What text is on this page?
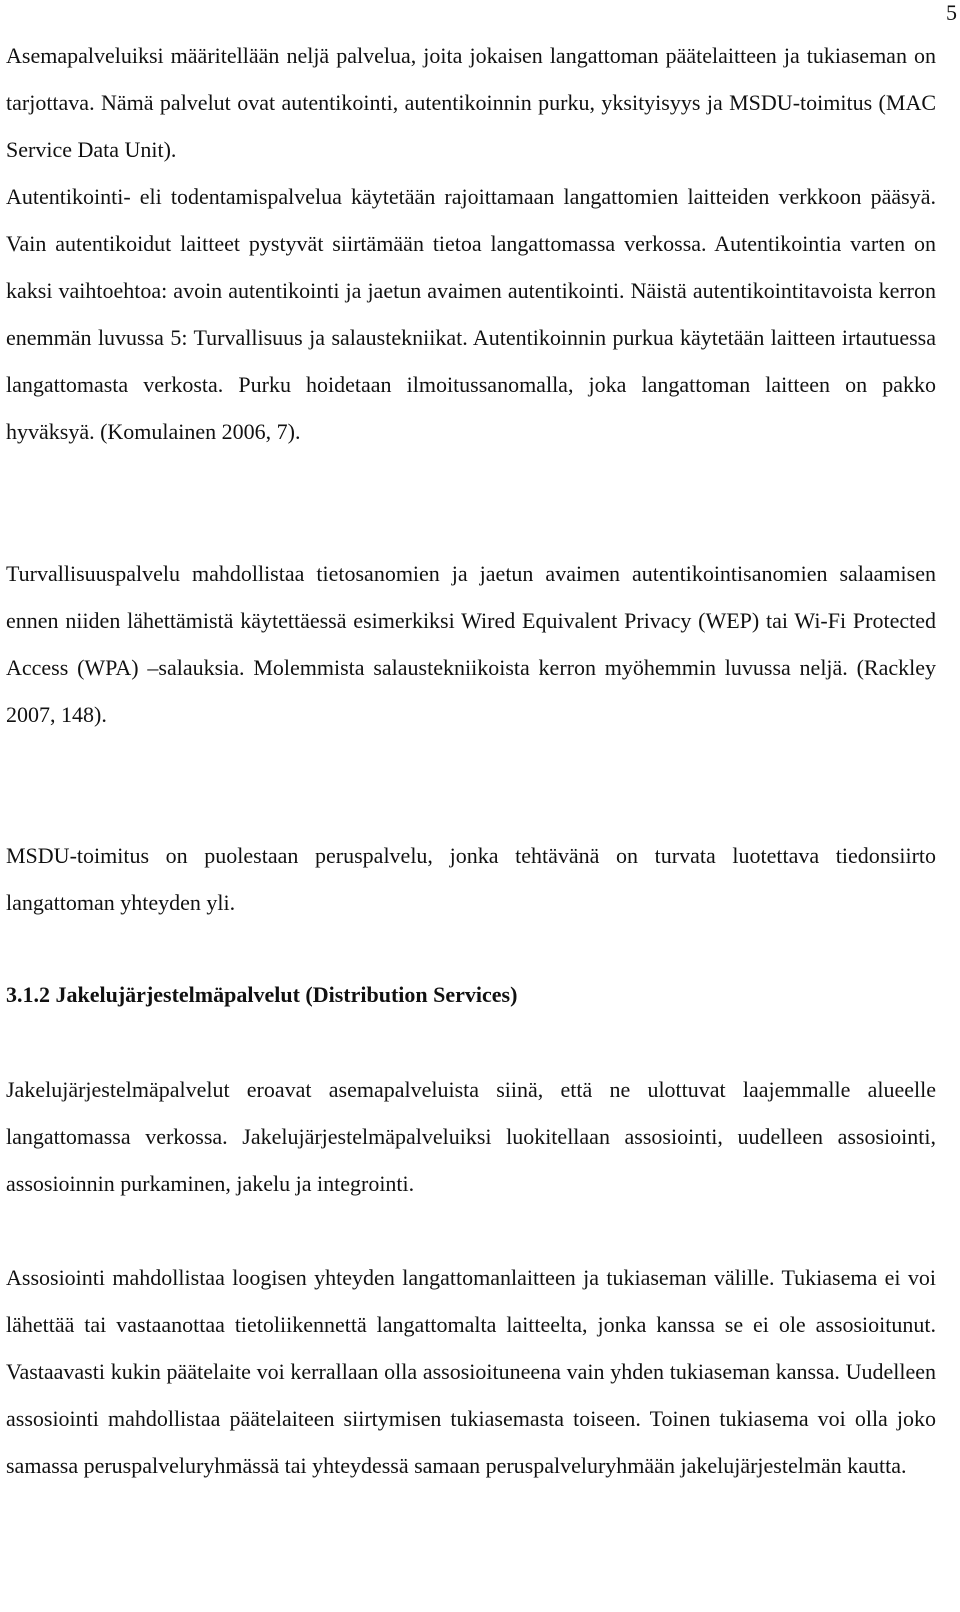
5

Asemapalveluiksi määritellään neljä palvelua, joita jokaisen langattoman päätelaitteen ja tukiaseman on tarjottava. Nämä palvelut ovat autentikointi, autentikoinnin purku, yksityisyys ja MSDU-toimitus (MAC Service Data Unit).
Autentikointi- eli todentamispalvelua käytetään rajoittamaan langattomien laitteiden verkkoon pääsyä. Vain autentikoidut laitteet pystyvät siirtämään tietoa langattomassa verkossa. Autentikointia varten on kaksi vaihtoehtoa: avoin autentikointi ja jaetun avaimen autentikointi. Näistä autentikointitavoista kerron enemmän luvussa 5: Turvallisuus ja salaustekniikat. Autentikoinnin purkua käytetään laitteen irtautuessa langattomasta verkosta. Purku hoidetaan ilmoitussanomalla, joka langattoman laitteen on pakko hyväksyä. (Komulainen 2006, 7).

Turvallisuuspalvelu mahdollistaa tietosanomien ja jaetun avaimen autentikointisanomien salaamisen ennen niiden lähettämistä käytettäessä esimerkiksi Wired Equivalent Privacy (WEP) tai Wi-Fi Protected Access (WPA) –salauksia. Molemmista salaustekniikoista kerron myöhemmin luvussa neljä. (Rackley 2007, 148).

MSDU-toimitus on puolestaan peruspalvelu, jonka tehtävänä on turvata luotettava tiedonsiirto langattoman yhteyden yli.

3.1.2 Jakelujärjestelmäpalvelut (Distribution Services)

Jakelujärjestelmäpalvelut eroavat asemapalveluista siinä, että ne ulottuvat laajemmalle alueelle langattomassa verkossa. Jakelujärjestelmäpalveluiksi luokitellaan assosiointi, uudelleen assosiointi, assosioinnin purkaminen, jakelu ja integrointi.

Assosiointi mahdollistaa loogisen yhteyden langattomanlaitteen ja tukiaseman välille. Tukiasema ei voi lähettää tai vastaanottaa tietoliikennettä langattomalta laitteelta, jonka kanssa se ei ole assosioitunut. Vastaavasti kukin päätelaite voi kerrallaan olla assosioituneena vain yhden tukiaseman kanssa. Uudelleen assosiointi mahdollistaa päätelaiteen siirtymisen tukiasemasta toiseen. Toinen tukiasema voi olla joko samassa peruspalveluryhmässä tai yhteydessä samaan peruspalveluryhmään jakelujärjestelmän kautta.
